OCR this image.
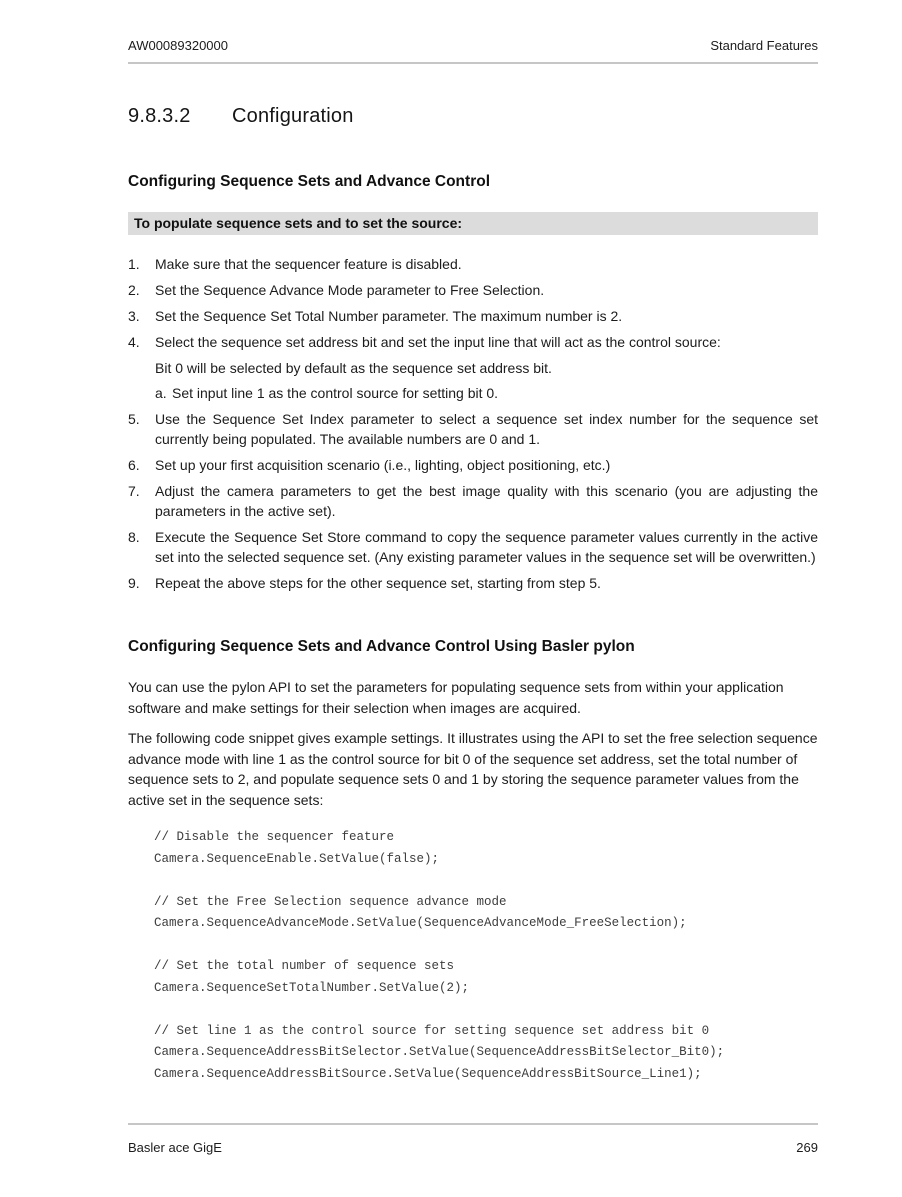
AW00089320000	Standard Features
9.8.3.2 Configuration
Configuring Sequence Sets and Advance Control
To populate sequence sets and to set the source:
1.	Make sure that the sequencer feature is disabled.
2.	Set the Sequence Advance Mode parameter to Free Selection.
3.	Set the Sequence Set Total Number parameter. The maximum number is 2.
4.	Select the sequence set address bit and set the input line that will act as the control source:
Bit 0 will be selected by default as the sequence set address bit.
a. Set input line 1 as the control source for setting bit 0.
5.	Use the Sequence Set Index parameter to select a sequence set index number for the sequence set currently being populated. The available numbers are 0 and 1.
6.	Set up your first acquisition scenario (i.e., lighting, object positioning, etc.)
7.	Adjust the camera parameters to get the best image quality with this scenario (you are adjusting the parameters in the active set).
8.	Execute the Sequence Set Store command to copy the sequence parameter values currently in the active set into the selected sequence set. (Any existing parameter values in the sequence set will be overwritten.)
9.	Repeat the above steps for the other sequence set, starting from step 5.
Configuring Sequence Sets and Advance Control Using Basler pylon

You can use the pylon API to set the parameters for populating sequence sets from within your application software and make settings for their selection when images are acquired.

The following code snippet gives example settings. It illustrates using the API to set the free selection sequence advance mode with line 1 as the control source for bit 0 of the sequence set address, set the total number of sequence sets to 2, and populate sequence sets 0 and 1 by storing the sequence parameter values from the active set in the sequence sets:

// Disable the sequencer feature
Camera.SequenceEnable.SetValue(false);
// Set the Free Selection sequence advance mode
Camera.SequenceAdvanceMode.SetValue(SequenceAdvanceMode_FreeSelection);
// Set the total number of sequence sets
Camera.SequenceSetTotalNumber.SetValue(2);
// Set line 1 as the control source for setting sequence set address bit 0
Camera.SequenceAddressBitSelector.SetValue(SequenceAddressBitSelector_Bit0);
Camera.SequenceAddressBitSource.SetValue(SequenceAddressBitSource_Line1);
Basler ace GigE	269
